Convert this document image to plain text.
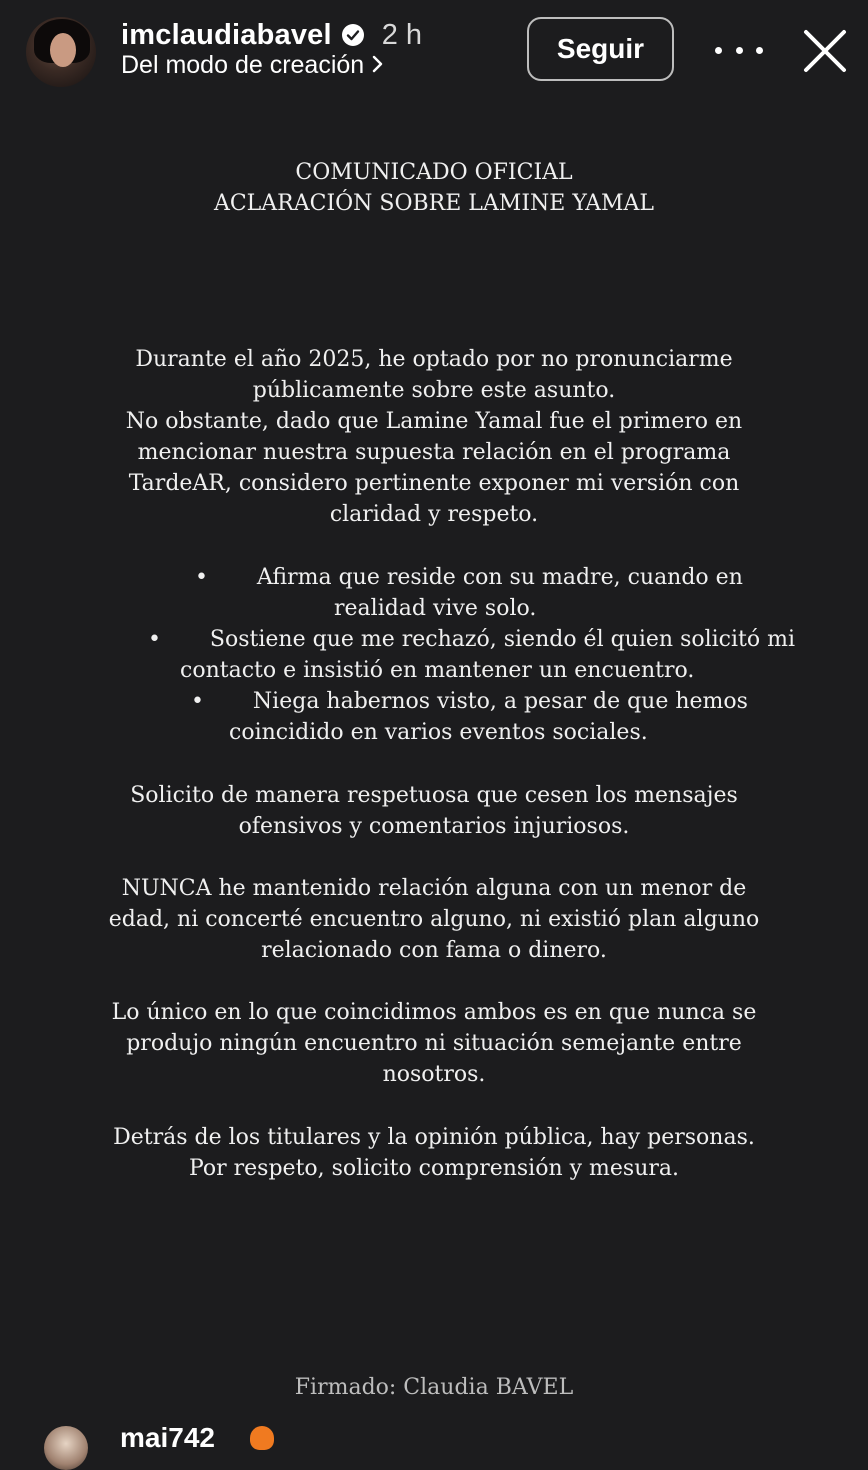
imclaudiabavel 2 h
Del modo de creación
Seguir
COMUNICADO OFICIAL
ACLARACIÓN SOBRE LAMINE YAMAL

Durante el año 2025, he optado por no pronunciarme

públicamente sobre este asunto.

No obstante, dado que Lamine Yamal fue el primero en

mencionar nuestra supuesta relación en el programa

TardeAR, considero pertinente exponer mi versión con

claridad y respeto.

•       Afirma que reside con su madre, cuando en
realidad vive solo.
•       Sostiene que me rechazó, siendo él quien solicitó mi
contacto e insistió en mantener un encuentro.
•       Niega habernos visto, a pesar de que hemos
coincidido en varios eventos sociales.

Solicito de manera respetuosa que cesen los mensajes

ofensivos y comentarios injuriosos.

NUNCA he mantenido relación alguna con un menor de

edad, ni concerté encuentro alguno, ni existió plan alguno

relacionado con fama o dinero.

Lo único en lo que coincidimos ambos es en que nunca se

produjo ningún encuentro ni situación semejante entre

nosotros.

Detrás de los titulares y la opinión pública, hay personas.

Por respeto, solicito comprensión y mesura.

Firmado: Claudia BAVEL
mai742
